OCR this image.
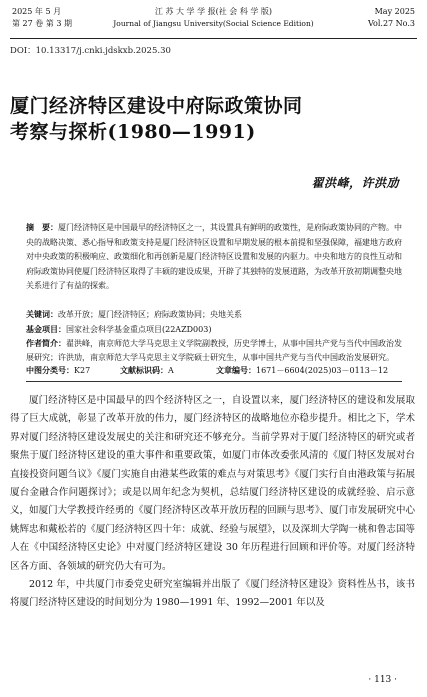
2025 年 5 月
第 27 卷 第 3 期
江 苏 大 学 学 报(社 会 科 学 版)
Journal of Jiangsu University(Social Science Edition)
May 2025
Vol.27 No.3
DOI：10.13317/j.cnki.jdskxb.2025.30
厦门经济特区建设中府际政策协同
考察与探析(1980—1991)
翟洪峰，许洪劢
摘　要：厦门经济特区是中国最早的经济特区之一，其设置具有鲜明的政策性，是府际政策协同的产物。中央的战略决策、悉心指导和政策支持是厦门经济特区设置和早期发展的根本前提和坚强保障，福建地方政府对中央政策的积极响应、政策细化和再创新是厦门经济特区设置和发展的内驱力。中央和地方的良性互动和府际政策协同使厦门经济特区取得了丰硕的建设成果，开辟了其独特的发展道路，为改革开放初期调整央地关系进行了有益的探索。
关键词：改革开放；厦门经济特区；府际政策协同；央地关系
基金项目：国家社会科学基金重点项目(22AZD003)
作者简介：翟洪峰，南京师范大学马克思主义学院副教授，历史学博士，从事中国共产党与当代中国政治发展研究；许洪劢，南京师范大学马克思主义学院硕士研究生，从事中国共产党与当代中国政治发展研究。
中图分类号：K27	文献标识码：A	文章编号：1671－6604(2025)03－0113－12

厦门经济特区是中国最早的四个经济特区之一，自设置以来，厦门经济特区的建设和发展取得了巨大成就，彰显了改革开放的伟力，厦门经济特区的战略地位亦稳步提升。相比之下，学术界对厦门经济特区建设发展史的关注和研究还不够充分。当前学界对于厦门经济特区的研究或者聚焦于厦门经济特区建设的重大事件和重要政策，如厦门市体改委张风清的《厦门特区发展对台直接投资问题刍议》《厦门实施自由港某些政策的难点与对策思考》《厦门实行自由港政策与拓展厦台金融合作问题探讨》；或是以周年纪念为契机，总结厦门经济特区建设的成就经验、启示意义，如厦门大学教授许经勇的《厦门经济特区改革开放历程的回顾与思考》、厦门市发展研究中心姚辉忠和戴松若的《厦门经济特区四十年：成就、经验与展望》，以及深圳大学陶一桃和鲁志国等人在《中国经济特区史论》中对厦门经济特区建设 30 年历程进行回顾和评价等。对厦门经济特区各方面、各领域的研究仍大有可为。

2012 年，中共厦门市委党史研究室编辑并出版了《厦门经济特区建设》资料性丛书，该书将厦门经济特区建设的时间划分为 1980—1991 年、1992—2001 年以及

· 113 ·
